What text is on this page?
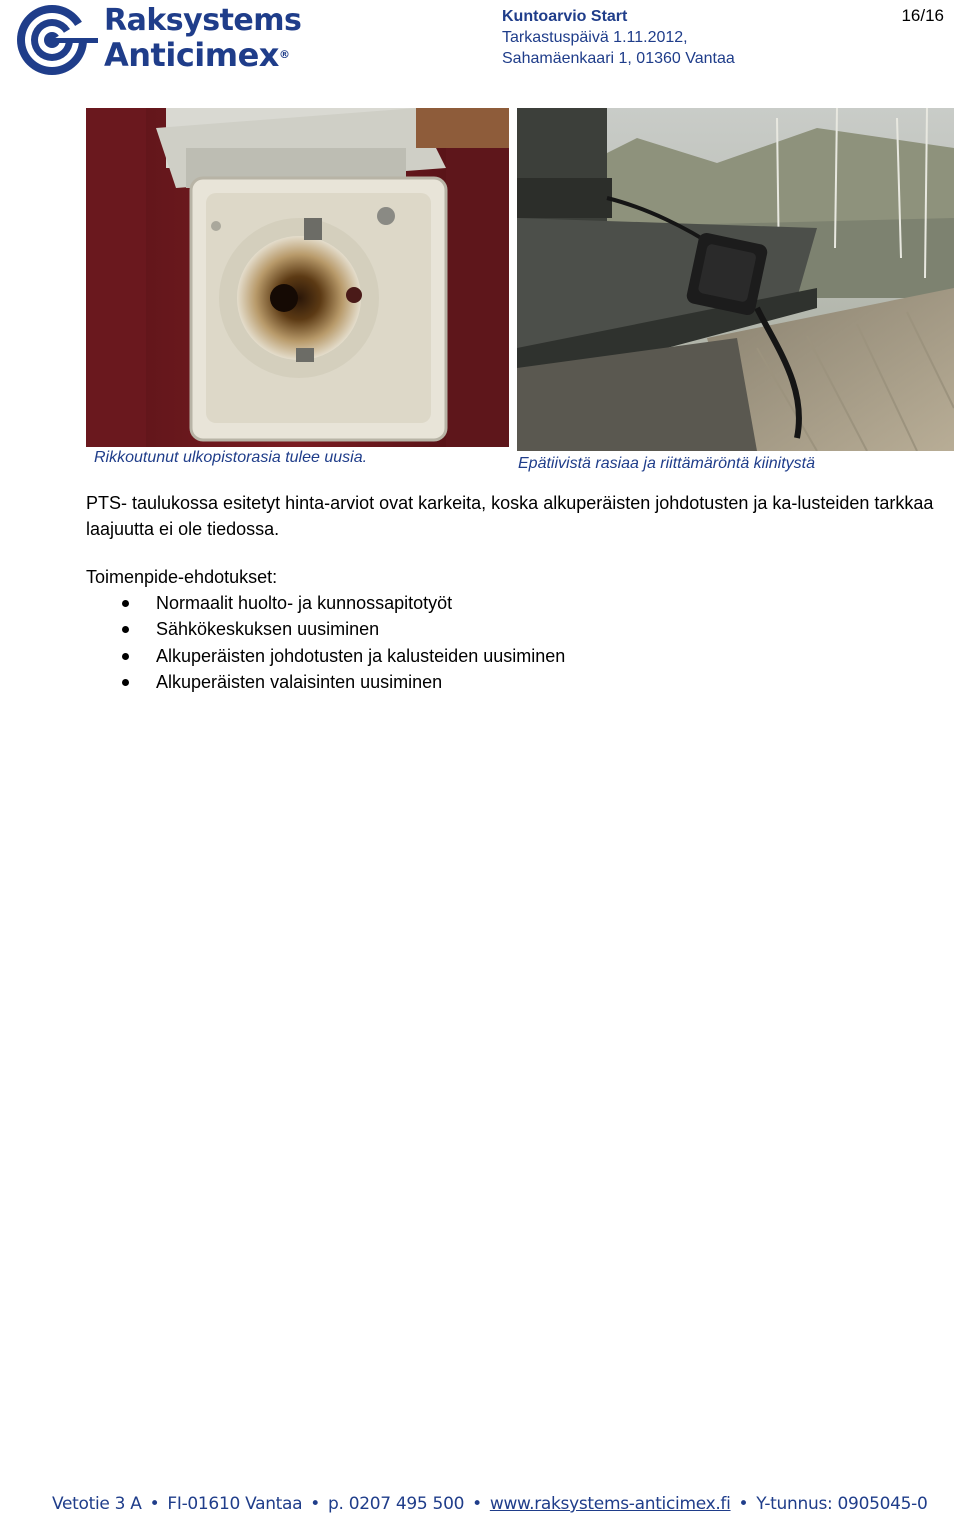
Raksystems
Anticimex®
Kuntoarvio Start
Tarkastuspäivä 1.11.2012,
Sahamäenkaari 1, 01360 Vantaa
16/16
Rikkoutunut ulkopistorasia tulee uusia.	Epätiivistä rasiaa ja riittämäröntä kiinitystä
PTS- taulukossa esitetyt hinta-arviot ovat karkeita, koska alkuperäisten johdotusten ja ka-lusteiden tarkkaa laajuutta ei ole tiedossa.
Toimenpide-ehdotukset:
Normaalit huolto- ja kunnossapitotyöt
Sähkökeskuksen uusiminen
Alkuperäisten johdotusten ja kalusteiden uusiminen
Alkuperäisten valaisinten uusiminen
Vetotie 3 A • FI-01610 Vantaa • p. 0207 495 500 • www.raksystems-anticimex.fi • Y-tunnus: 0905045-0
